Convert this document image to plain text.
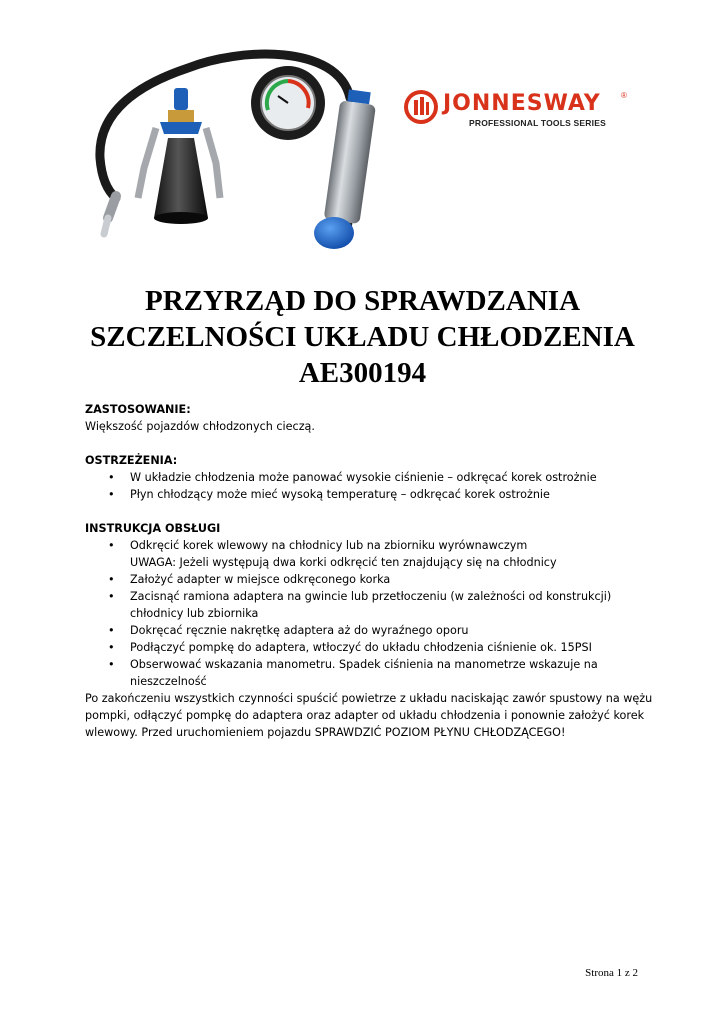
JONNESWAY	®
PROFESSIONAL TOOLS SERIES
PRZYRZĄD DO SPRAWDZANIA
SZCZELNOŚCI UKŁADU CHŁODZENIA
AE300194
ZASTOSOWANIE:
Większość pojazdów chłodzonych cieczą.
OSTRZEŻENIA:
• W układzie chłodzenia może panować wysokie ciśnienie – odkręcać korek ostrożnie
• Płyn chłodzący może mieć wysoką temperaturę – odkręcać korek ostrożnie
INSTRUKCJA OBSŁUGI
• Odkręcić korek wlewowy na chłodnicy lub na zbiorniku wyrównawczym
UWAGA: Jeżeli występują dwa korki odkręcić ten znajdujący się na chłodnicy
• Założyć adapter w miejsce odkręconego korka
• Zacisnąć ramiona adaptera na gwincie lub przetłoczeniu (w zależności od konstrukcji) chłodnicy lub zbiornika
• Dokręcać ręcznie nakrętkę adaptera aż do wyraźnego oporu
• Podłączyć pompkę do adaptera, wtłoczyć do układu chłodzenia ciśnienie ok. 15PSI
• Obserwować wskazania manometru. Spadek ciśnienia na manometrze wskazuje na nieszczelność
Po zakończeniu wszystkich czynności spuścić powietrze z układu naciskając zawór spustowy na wężu pompki, odłączyć pompkę do adaptera oraz adapter od układu chłodzenia i ponownie założyć korek wlewowy. Przed uruchomieniem pojazdu SPRAWDZIĆ POZIOM PŁYNU CHŁODZĄCEGO!
Strona 1 z 2
